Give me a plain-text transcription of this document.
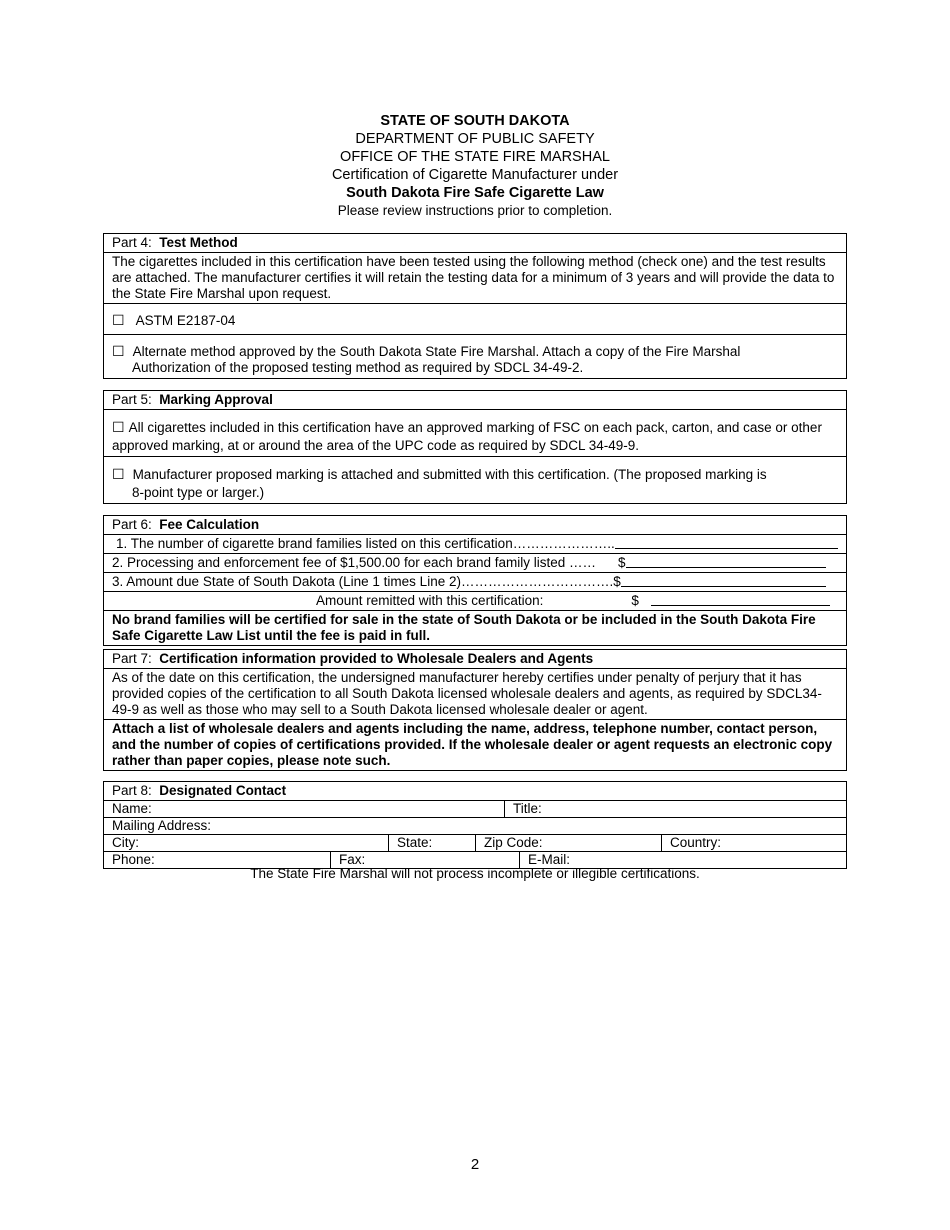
STATE OF SOUTH DAKOTA
DEPARTMENT OF PUBLIC SAFETY
OFFICE OF THE STATE FIRE MARSHAL
Certification of Cigarette Manufacturer under
South Dakota Fire Safe Cigarette Law
Please review instructions prior to completion.
Part 4: Test Method
The cigarettes included in this certification have been tested using the following method (check one) and the test results are attached. The manufacturer certifies it will retain the testing data for a minimum of 3 years and will provide the data to the State Fire Marshal upon request.
☐ ASTM E2187-04
☐ Alternate method approved by the South Dakota State Fire Marshal. Attach a copy of the Fire Marshal
Authorization of the proposed testing method as required by SDCL 34-49-2.
Part 5: Marking Approval
☐ All cigarettes included in this certification have an approved marking of FSC on each pack, carton, and case or other approved marking, at or around the area of the UPC code as required by SDCL 34-49-9.
☐ Manufacturer proposed marking is attached and submitted with this certification. (The proposed marking is
8-point type or larger.)
Part 6: Fee Calculation
1. The number of cigarette brand families listed on this certification…………………..
2. Processing and enforcement fee of $1,500.00 for each brand family listed …… $
3. Amount due State of South Dakota (Line 1 times Line 2)…………………………….$
Amount remitted with this certification:	$
No brand families will be certified for sale in the state of South Dakota or be included in the South Dakota Fire Safe Cigarette Law List until the fee is paid in full.
Part 7: Certification information provided to Wholesale Dealers and Agents
As of the date on this certification, the undersigned manufacturer hereby certifies under penalty of perjury that it has provided copies of the certification to all South Dakota licensed wholesale dealers and agents, as required by SDCL34-49-9 as well as those who may sell to a South Dakota licensed wholesale dealer or agent.
Attach a list of wholesale dealers and agents including the name, address, telephone number, contact person, and the number of copies of certifications provided. If the wholesale dealer or agent requests an electronic copy rather than paper copies, please note such.
Part 8: Designated Contact
Name:	Title:
Mailing Address:
City:	State:	Zip Code:	Country:
Phone:	Fax:	E-Mail:
The State Fire Marshal will not process incomplete or illegible certifications.
2
